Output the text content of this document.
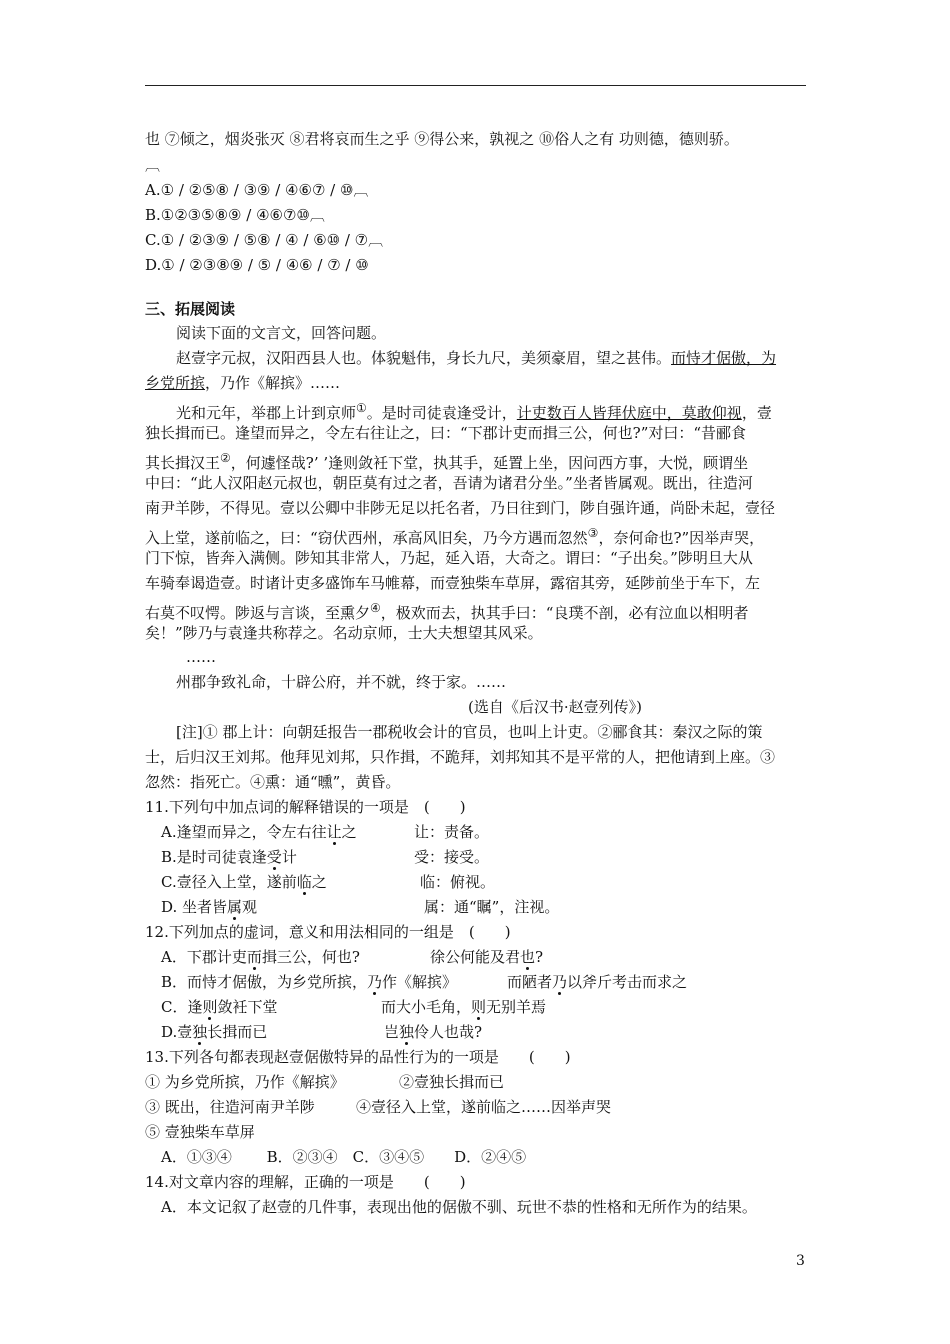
也 ⑦倾之，烟炎张灭 ⑧君将哀而生之乎 ⑨得公来，孰视之 ⑩俗人之有 功则德，德则骄。
︹
A.① / ②⑤⑧ / ③⑨ / ④⑥⑦ / ⑩︹
B.①②③⑤⑧⑨ / ④⑥⑦⑩︹
C.① / ②③⑨ / ⑤⑧ / ④ / ⑥⑩ / ⑦︹
D.① / ②③⑧⑨ / ⑤ / ④⑥ / ⑦ / ⑩
三、拓展阅读
阅读下面的文言文，回答问题。
赵壹字元叔，汉阳西县人也。体貌魁伟，身长九尺，美须豪眉，望之甚伟。而恃才倨傲，为
乡党所摈，乃作《解摈》……
光和元年，举郡上计到京师①。是时司徒袁逢受计，计吏数百人皆拜伏庭中，莫敢仰视，壹
独长揖而已。逢望而异之，令左右往让之，曰：“下郡计吏而揖三公，何也?”对曰：“昔郦食
其长揖汉王②，何遽怪哉?’ ’逢则敛衽下堂，执其手，延置上坐，因问西方事，大悦，顾谓坐
中曰：“此人汉阳赵元叔也，朝臣莫有过之者，吾请为诸君分坐。”坐者皆属观。既出，往造河
南尹羊陟，不得见。壹以公卿中非陟无足以托名者，乃日往到门，陟自强许通，尚卧未起，壹径
入上堂，遂前临之，曰：“窃伏西州，承高风旧矣，乃今方遇而忽然③，奈何命也?”因举声哭，
门下惊，皆奔入满侧。陟知其非常人，乃起，延入语，大奇之。谓曰：“子出矣。”陟明旦大从
车骑奉谒造壹。时诸计吏多盛饰车马帷幕，而壹独柴车草屏，露宿其旁，延陟前坐于车下，左
右莫不叹愕。陟返与言谈，至熏夕④，极欢而去，执其手曰：“良璞不剖，必有泣血以相明者
矣！”陟乃与袁逢共称荐之。名动京师，士大夫想望其风采。
……
州郡争致礼命，十辟公府，并不就，终于家。……
(选自《后汉书·赵壹列传》)
[注]① 郡上计：向朝廷报告一郡税收会计的官员，也叫上计吏。②郦食其：秦汉之际的策
士，后归汉王刘邦。他拜见刘邦，只作揖，不跪拜，刘邦知其不是平常的人，把他请到上座。③
忽然：指死亡。④熏：通“曛”，黄昏。
11.下列句中加点词的解释错误的一项是　(　　)
A.逢望而异之，令左右往让之	让：责备。
B.是时司徒袁逢受计	受：接受。
C.壹径入上堂，遂前临之	临：俯视。
D. 坐者皆属观	属：通“瞩”，注视。
12.下列加点的虚词，意义和用法相同的一组是　(　　)
A．下郡计吏而揖三公，何也?	徐公何能及君也?
B．而恃才倨傲，为乡党所摈，乃作《解摈》	而陋者乃以斧斤考击而求之
C．逢则敛衽下堂	而大小毛角，则无别羊焉
D.壹独长揖而已	岂独伶人也哉?
13.下列各句都表现赵壹倨傲特异的品性行为的一项是　　(　　)
① 为乡党所摈，乃作《解摈》	②壹独长揖而已
③ 既出，往造河南尹羊陟	④壹径入上堂，遂前临之……因举声哭
⑤ 壹独柴车草屏
A．①③④　　 B．②③④　C．③④⑤　　D．②④⑤
14.对文章内容的理解，正确的一项是　　(　　)
A．本文记叙了赵壹的几件事，表现出他的倨傲不驯、玩世不恭的性格和无所作为的结果。
3
